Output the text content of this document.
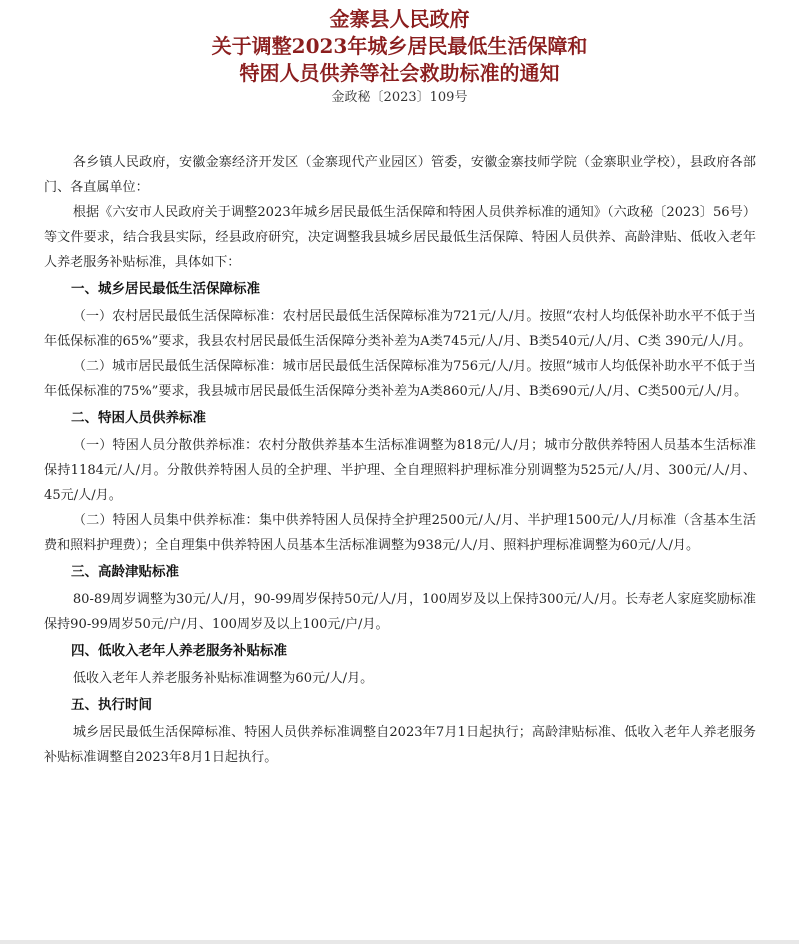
金寨县人民政府

关于调整2023年城乡居民最低生活保障和

特困人员供养等社会救助标准的通知

金政秘〔2023〕109号

各乡镇人民政府，安徽金寨经济开发区（金寨现代产业园区）管委，安徽金寨技师学院（金寨职业学校），县政府各部门、各直属单位：

根据《六安市人民政府关于调整2023年城乡居民最低生活保障和特困人员供养标准的通知》（六政秘〔2023〕56号）等文件要求，结合我县实际，经县政府研究，决定调整我县城乡居民最低生活保障、特困人员供养、高龄津贴、低收入老年人养老服务补贴标准，具体如下：

一、城乡居民最低生活保障标准

（一）农村居民最低生活保障标准：农村居民最低生活保障标准为721元/人/月。按照“农村人均低保补助水平不低于当年低保标准的65%”要求，我县农村居民最低生活保障分类补差为A类745元/人/月、B类540元/人/月、C类 390元/人/月。

（二）城市居民最低生活保障标准：城市居民最低生活保障标准为756元/人/月。按照“城市人均低保补助水平不低于当年低保标准的75%”要求，我县城市居民最低生活保障分类补差为A类860元/人/月、B类690元/人/月、C类500元/人/月。

二、特困人员供养标准

（一）特困人员分散供养标准：农村分散供养基本生活标准调整为818元/人/月；城市分散供养特困人员基本生活标准保持1184元/人/月。分散供养特困人员的全护理、半护理、全自理照料护理标准分别调整为525元/人/月、300元/人/月、45元/人/月。

（二）特困人员集中供养标准：集中供养特困人员保持全护理2500元/人/月、半护理1500元/人/月标准（含基本生活费和照料护理费）；全自理集中供养特困人员基本生活标准调整为938元/人/月、照料护理标准调整为60元/人/月。

三、高龄津贴标准

80-89周岁调整为30元/人/月，90-99周岁保持50元/人/月，100周岁及以上保持300元/人/月。长寿老人家庭奖励标准保持90-99周岁50元/户/月、100周岁及以上100元/户/月。

四、低收入老年人养老服务补贴标准

低收入老年人养老服务补贴标准调整为60元/人/月。

五、执行时间

城乡居民最低生活保障标准、特困人员供养标准调整自2023年7月1日起执行；高龄津贴标准、低收入老年人养老服务补贴标准调整自2023年8月1日起执行。
